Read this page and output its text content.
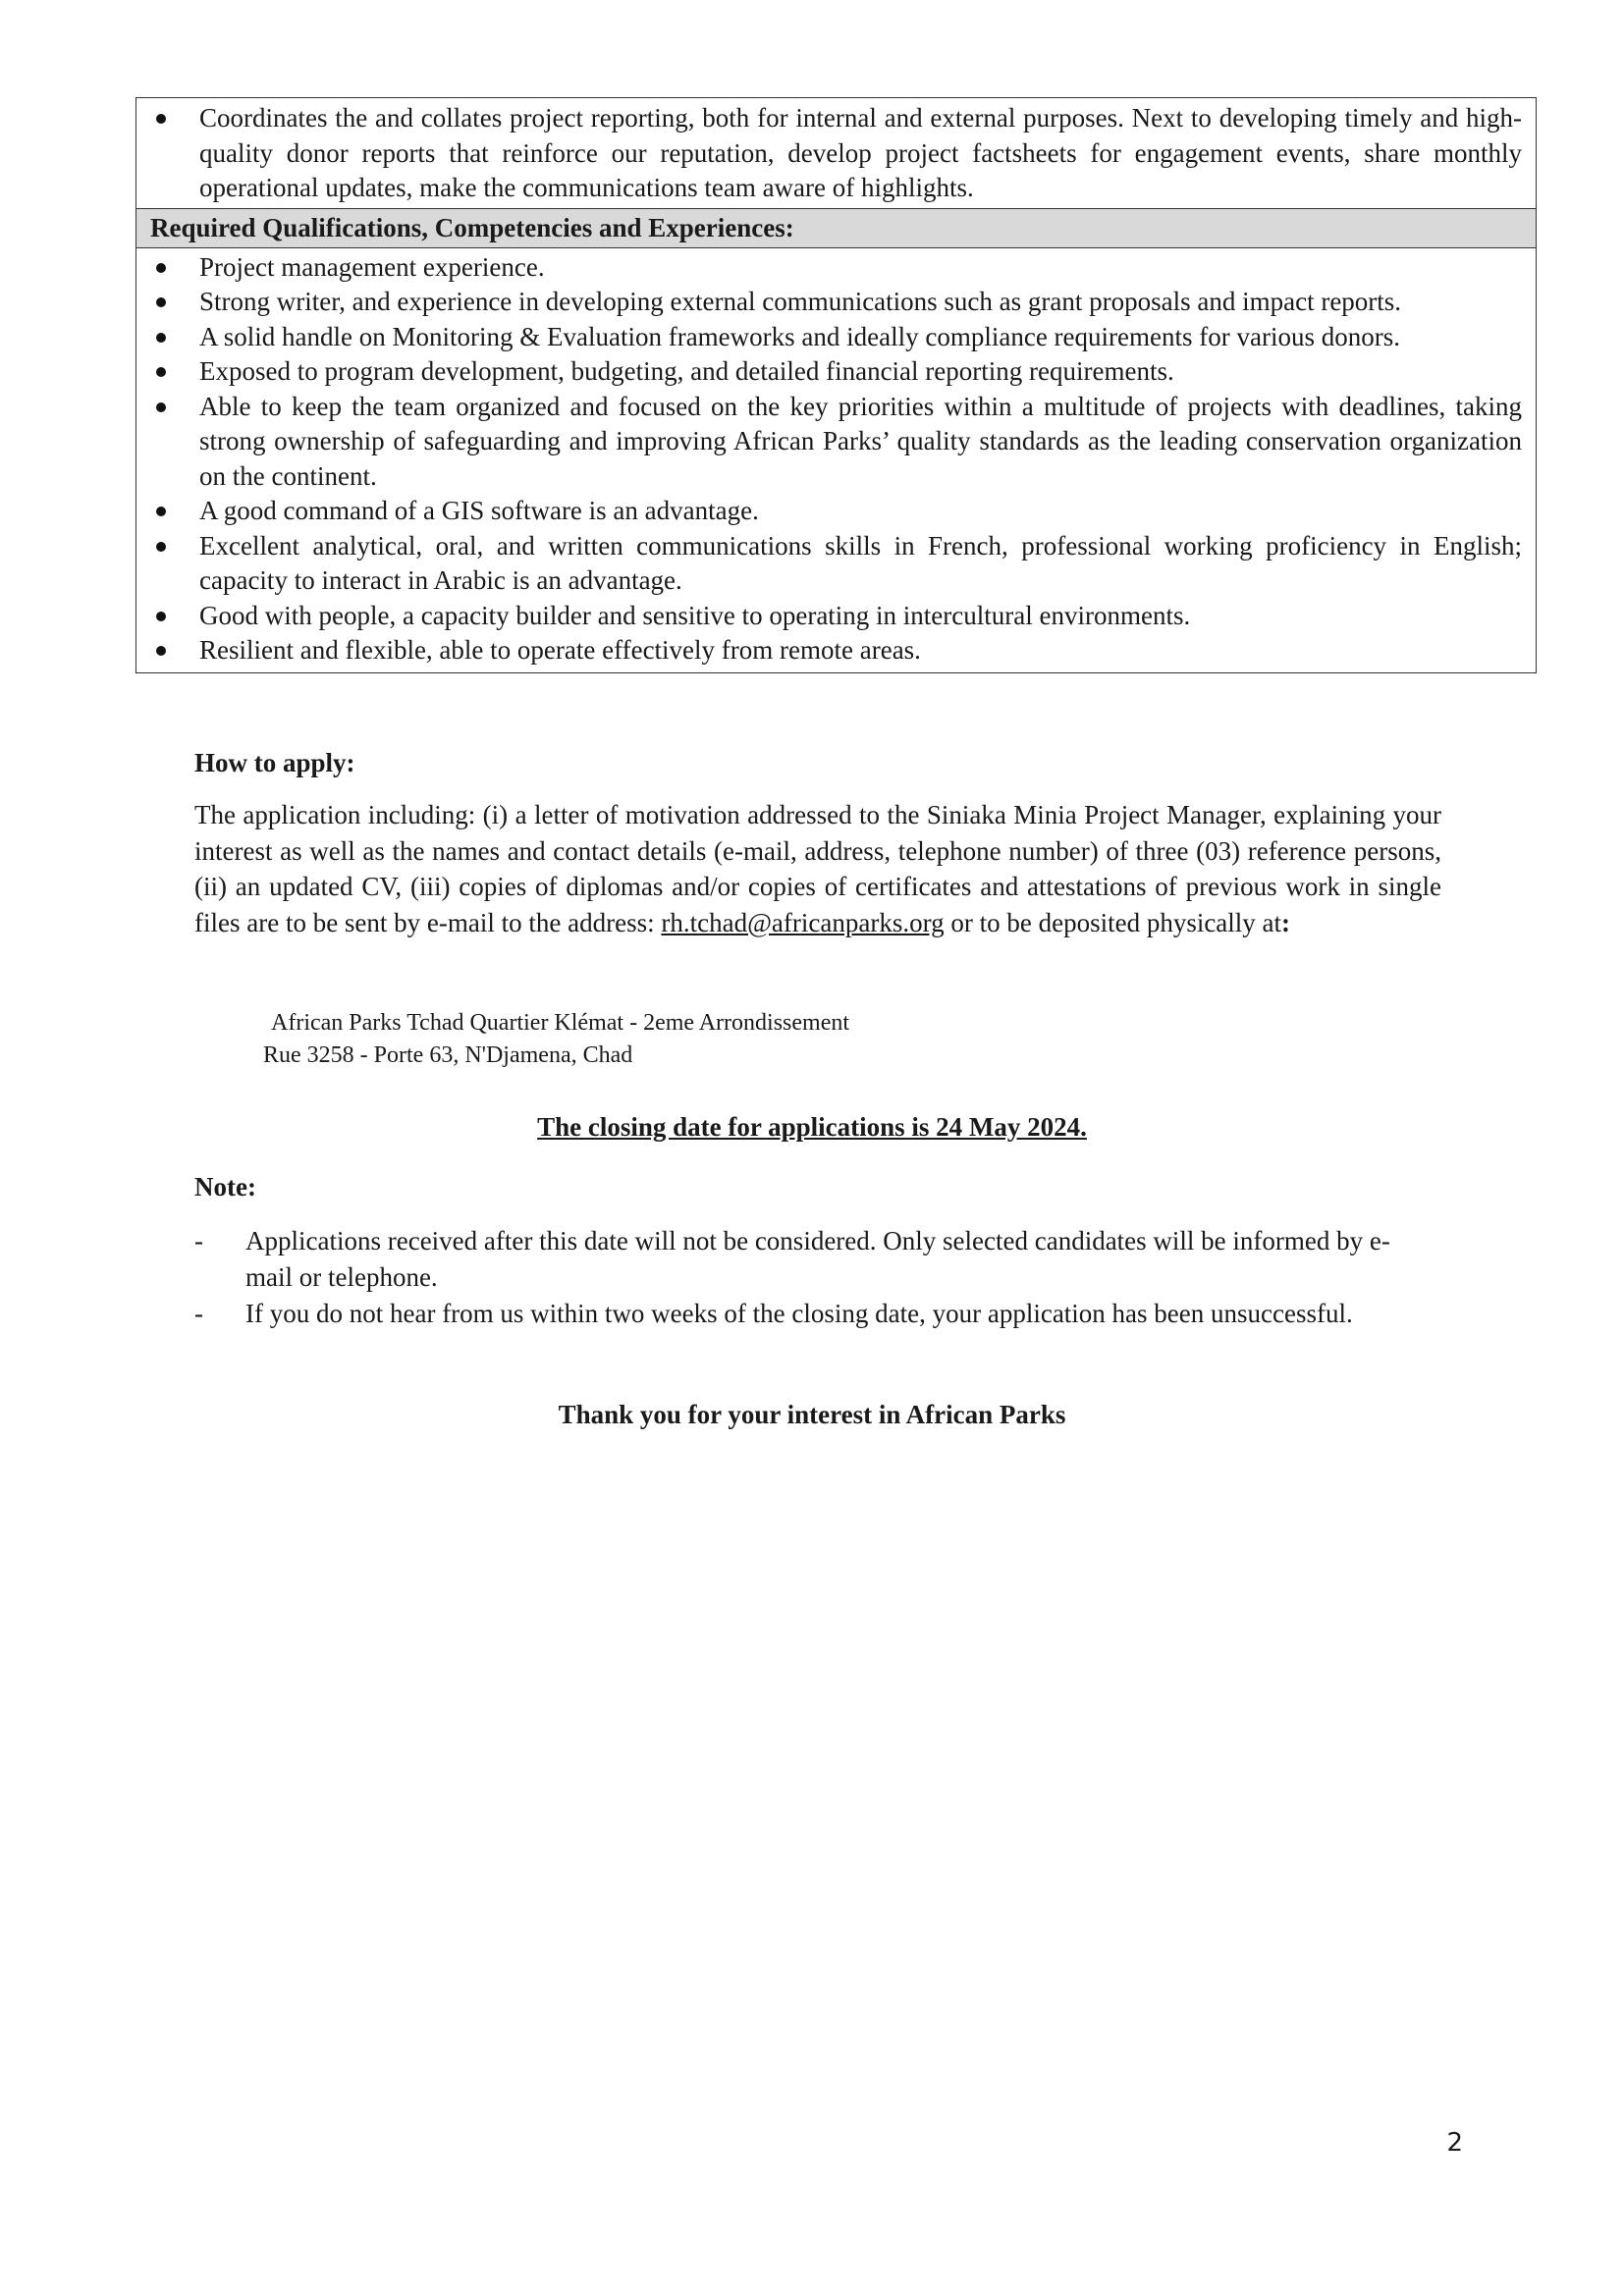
Coordinates the and collates project reporting, both for internal and external purposes. Next to developing timely and high-quality donor reports that reinforce our reputation, develop project factsheets for engagement events, share monthly operational updates, make the communications team aware of highlights.
Required Qualifications, Competencies and Experiences:
Project management experience.
Strong writer, and experience in developing external communications such as grant proposals and impact reports.
A solid handle on Monitoring & Evaluation frameworks and ideally compliance requirements for various donors.
Exposed to program development, budgeting, and detailed financial reporting requirements.
Able to keep the team organized and focused on the key priorities within a multitude of projects with deadlines, taking strong ownership of safeguarding and improving African Parks’ quality standards as the leading conservation organization on the continent.
A good command of a GIS software is an advantage.
Excellent analytical, oral, and written communications skills in French, professional working proficiency in English; capacity to interact in Arabic is an advantage.
Good with people, a capacity builder and sensitive to operating in intercultural environments.
Resilient and flexible, able to operate effectively from remote areas.
How to apply:
The application including: (i) a letter of motivation addressed to the Siniaka Minia Project Manager, explaining your interest as well as the names and contact details (e-mail, address, telephone number) of three (03) reference persons, (ii) an updated CV, (iii) copies of diplomas and/or copies of certificates and attestations of previous work in single files are to be sent by e-mail to the address: rh.tchad@africanparks.org or to be deposited physically at:
African Parks Tchad Quartier Klémat - 2eme Arrondissement
Rue 3258 - Porte 63, N'Djamena, Chad
The closing date for applications is 24 May 2024.
Note:
- Applications received after this date will not be considered. Only selected candidates will be informed by e-mail or telephone.
- If you do not hear from us within two weeks of the closing date, your application has been unsuccessful.
Thank you for your interest in African Parks
2
